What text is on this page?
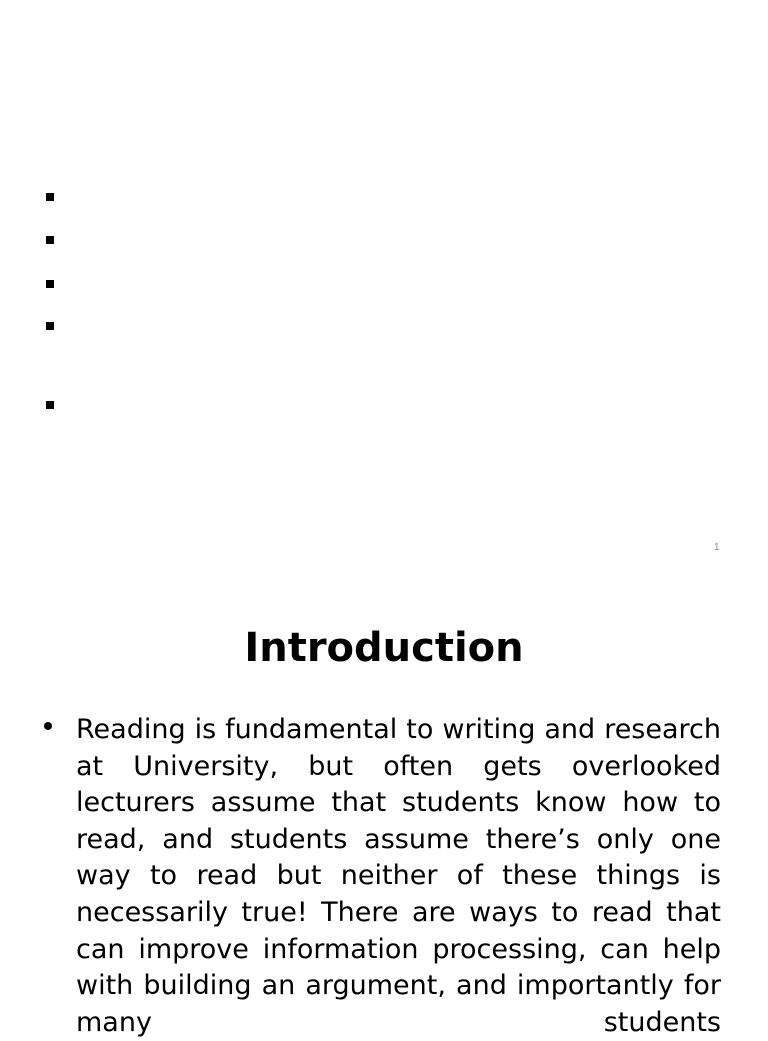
1
Introduction

Reading is fundamental to writing and research at University, but often gets overlooked lecturers assume that students know how to read, and students assume there’s only one way to read but neither of these things is necessarily true! There are ways to read that can improve information processing, can help with building an argument, and importantly for many students
